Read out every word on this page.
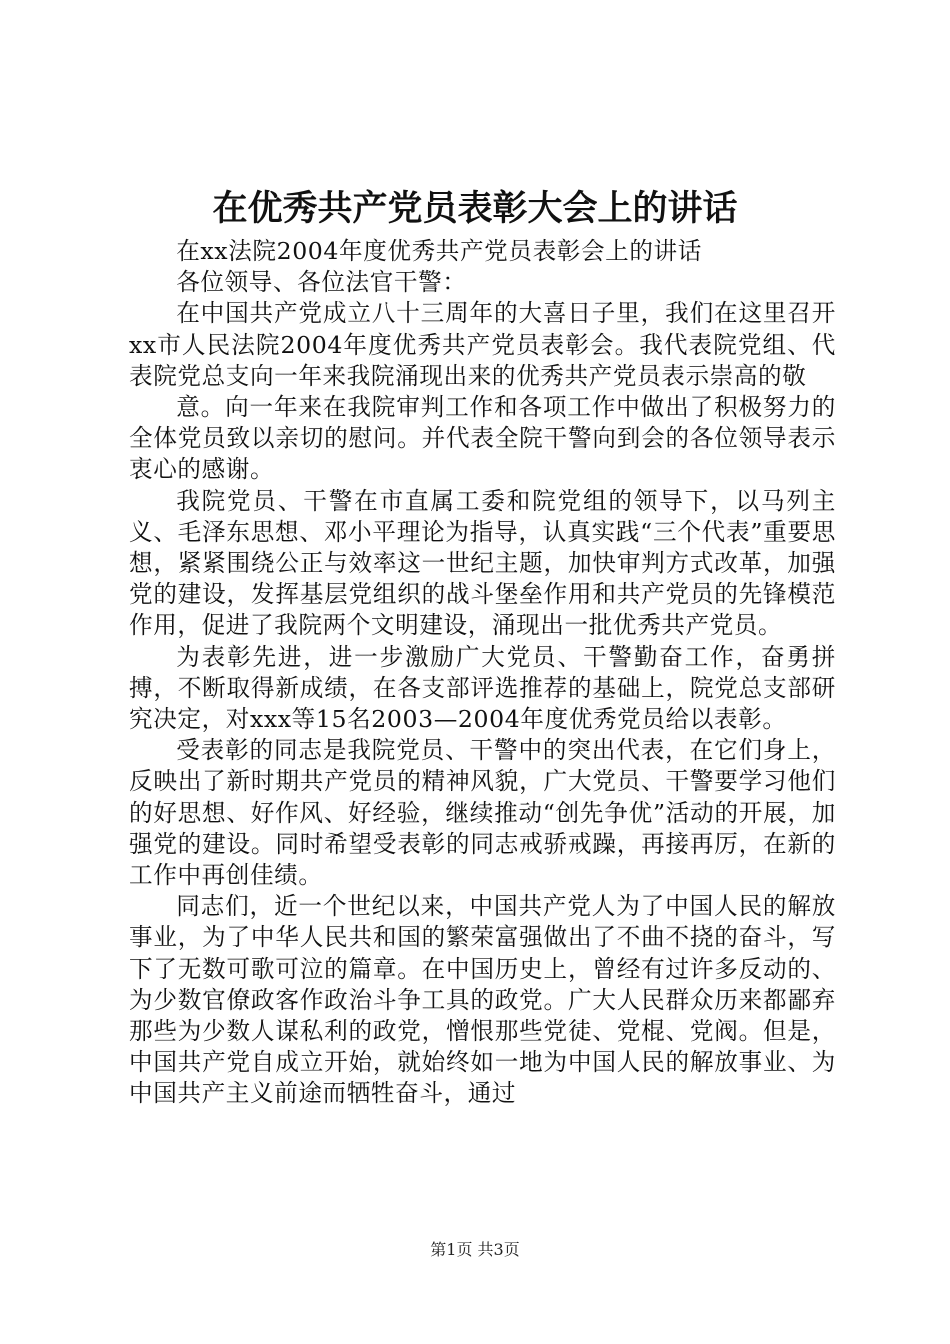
在优秀共产党员表彰大会上的讲话

在xx法院2004年度优秀共产党员表彰会上的讲话

各位领导、各位法官干警：

在中国共产党成立八十三周年的大喜日子里，我们在这里召开xx市人民法院2004年度优秀共产党员表彰会。我代表院党组、代表院党总支向一年来我院涌现出来的优秀共产党员表示崇高的敬

意。向一年来在我院审判工作和各项工作中做出了积极努力的全体党员致以亲切的慰问。并代表全院干警向到会的各位领导表示衷心的感谢。

我院党员、干警在市直属工委和院党组的领导下，以马列主义、毛泽东思想、邓小平理论为指导，认真实践“三个代表”重要思想，紧紧围绕公正与效率这一世纪主题，加快审判方式改革，加强党的建设，发挥基层党组织的战斗堡垒作用和共产党员的先锋模范作用，促进了我院两个文明建设，涌现出一批优秀共产党员。

为表彰先进，进一步激励广大党员、干警勤奋工作，奋勇拼搏，不断取得新成绩，在各支部评选推荐的基础上，院党总支部研究决定，对xxx等15名2003—2004年度优秀党员给以表彰。

受表彰的同志是我院党员、干警中的突出代表，在它们身上，反映出了新时期共产党员的精神风貌，广大党员、干警要学习他们的好思想、好作风、好经验，继续推动“创先争优”活动的开展，加强党的建设。同时希望受表彰的同志戒骄戒躁，再接再厉，在新的工作中再创佳绩。

同志们，近一个世纪以来，中国共产党人为了中国人民的解放事业，为了中华人民共和国的繁荣富强做出了不曲不挠的奋斗，写下了无数可歌可泣的篇章。在中国历史上，曾经有过许多反动的、为少数官僚政客作政治斗争工具的政党。广大人民群众历来都鄙弃那些为少数人谋私利的政党，憎恨那些党徒、党棍、党阀。但是，中国共产党自成立开始，就始终如一地为中国人民的解放事业、为中国共产主义前途而牺牲奋斗，通过

第1页 共3页
